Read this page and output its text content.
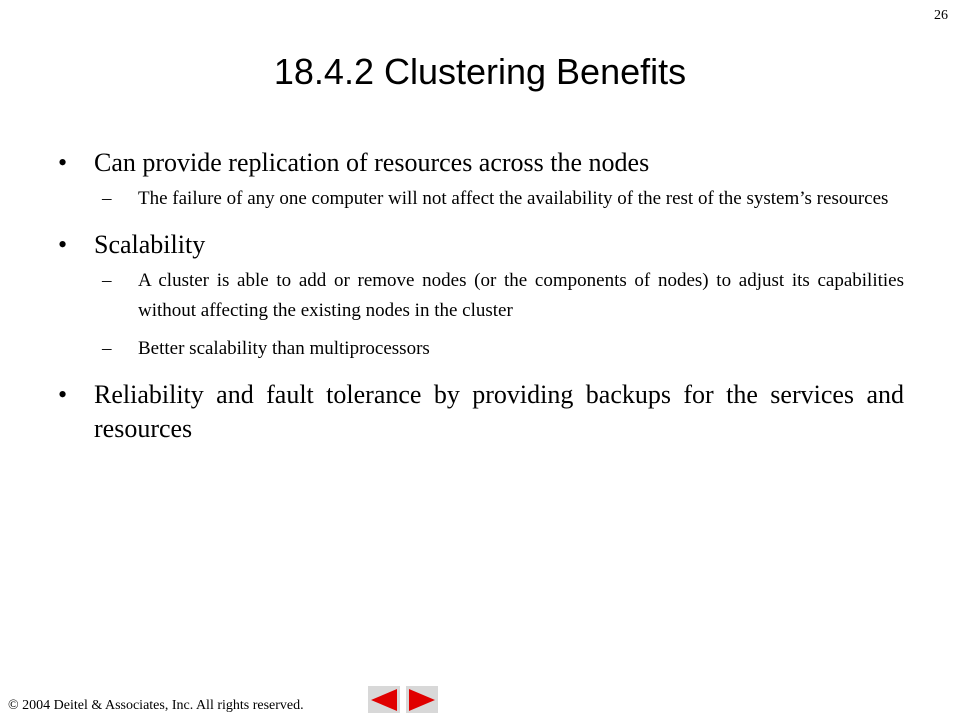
26
18.4.2 Clustering Benefits
•	Can provide replication of resources across the nodes
–	The failure of any one computer will not affect the availability of the rest of the system’s resources
•	Scalability
–	A cluster is able to add or remove nodes (or the components of nodes) to adjust its capabilities without affecting the existing nodes in the cluster
–	Better scalability than multiprocessors
•	Reliability and fault tolerance by providing backups for the services and resources
© 2004 Deitel & Associates, Inc. All rights reserved.
